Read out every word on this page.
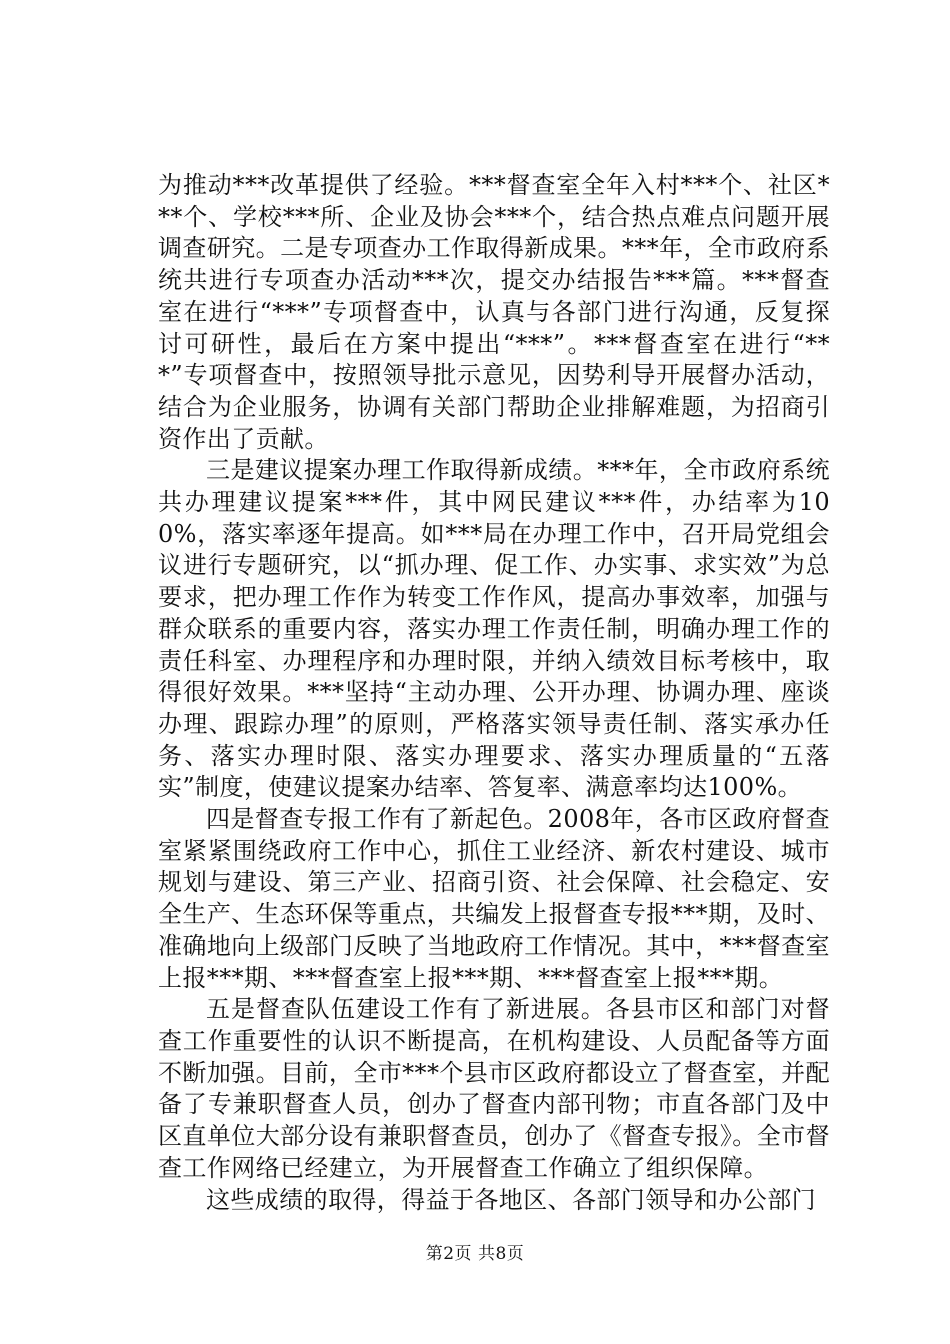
为推动***改革提供了经验。***督查室全年入村***个、社区***个、学校***所、企业及协会***个，结合热点难点问题开展调查研究。二是专项查办工作取得新成果。***年，全市政府系统共进行专项查办活动***次，提交办结报告***篇。***督查室在进行“***”专项督查中，认真与各部门进行沟通，反复探讨可研性，最后在方案中提出“***”。***督查室在进行“***”专项督查中，按照领导批示意见，因势利导开展督办活动，结合为企业服务，协调有关部门帮助企业排解难题，为招商引资作出了贡献。

三是建议提案办理工作取得新成绩。***年，全市政府系统共办理建议提案***件，其中网民建议***件，办结率为100%，落实率逐年提高。如***局在办理工作中，召开局党组会议进行专题研究，以“抓办理、促工作、办实事、求实效”为总要求，把办理工作作为转变工作作风，提高办事效率，加强与群众联系的重要内容，落实办理工作责任制，明确办理工作的责任科室、办理程序和办理时限，并纳入绩效目标考核中，取得很好效果。***坚持“主动办理、公开办理、协调办理、座谈办理、跟踪办理”的原则，严格落实领导责任制、落实承办任务、落实办理时限、落实办理要求、落实办理质量的“五落实”制度，使建议提案办结率、答复率、满意率均达100%。

四是督查专报工作有了新起色。2008年，各市区政府督查室紧紧围绕政府工作中心，抓住工业经济、新农村建设、城市规划与建设、第三产业、招商引资、社会保障、社会稳定、安全生产、生态环保等重点，共编发上报督查专报***期，及时、准确地向上级部门反映了当地政府工作情况。其中，***督查室上报***期、***督查室上报***期、***督查室上报***期。

五是督查队伍建设工作有了新进展。各县市区和部门对督查工作重要性的认识不断提高，在机构建设、人员配备等方面不断加强。目前，全市***个县市区政府都设立了督查室，并配备了专兼职督查人员，创办了督查内部刊物；市直各部门及中区直单位大部分设有兼职督查员，创办了《督查专报》。全市督查工作网络已经建立，为开展督查工作确立了组织保障。

这些成绩的取得，得益于各地区、各部门领导和办公部门

第2页 共8页
